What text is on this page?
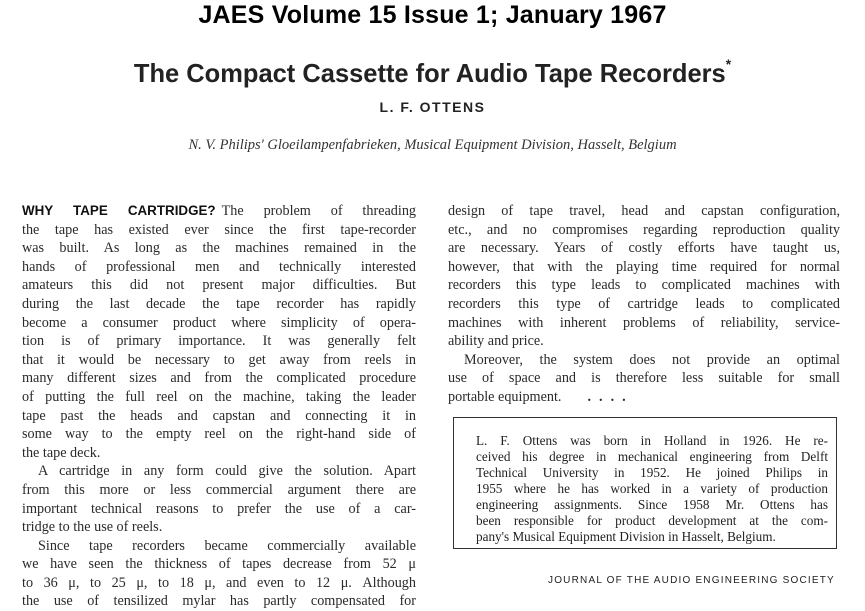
JAES Volume 15 Issue 1; January 1967
The Compact Cassette for Audio Tape Recorders*
L. F. OTTENS
N. V. Philips' Gloeilampenfabrieken, Musical Equipment Division, Hasselt, Belgium
WHY TAPE CARTRIDGE? The problem of threading
the tape has existed ever since the first tape-recorder
was built. As long as the machines remained in the
hands of professional men and technically interested
amateurs this did not present major difficulties. But
during the last decade the tape recorder has rapidly
become a consumer product where simplicity of opera-
tion is of primary importance. It was generally felt
that it would be necessary to get away from reels in
many different sizes and from the complicated procedure
of putting the full reel on the machine, taking the leader
tape past the heads and capstan and connecting it in
some way to the empty reel on the right-hand side of
the tape deck.
A cartridge in any form could give the solution. Apart
from this more or less commercial argument there are
important technical reasons to prefer the use of a car-
tridge to the use of reels.
Since tape recorders became commercially available
we have seen the thickness of tapes decrease from 52 μ
to 36 μ, to 25 μ, to 18 μ, and even to 12 μ. Although
the use of tensilized mylar has partly compensated for
design of tape travel, head and capstan configuration,
etc., and no compromises regarding reproduction quality
are necessary. Years of costly efforts have taught us,
however, that with the playing time required for normal
recorders this type leads to complicated machines with
recorders this type of cartridge leads to complicated
machines with inherent problems of reliability, service-
ability and price.
Moreover, the system does not provide an optimal
use of space and is therefore less suitable for small
portable equipment. ....
L. F. Ottens was born in Holland in 1926. He re-
ceived his degree in mechanical engineering from Delft
Technical University in 1952. He joined Philips in
1955 where he has worked in a variety of production
engineering assignments. Since 1958 Mr. Ottens has
been responsible for product development at the com-
pany's Musical Equipment Division in Hasselt, Belgium.
JOURNAL OF THE AUDIO ENGINEERING SOCIETY
